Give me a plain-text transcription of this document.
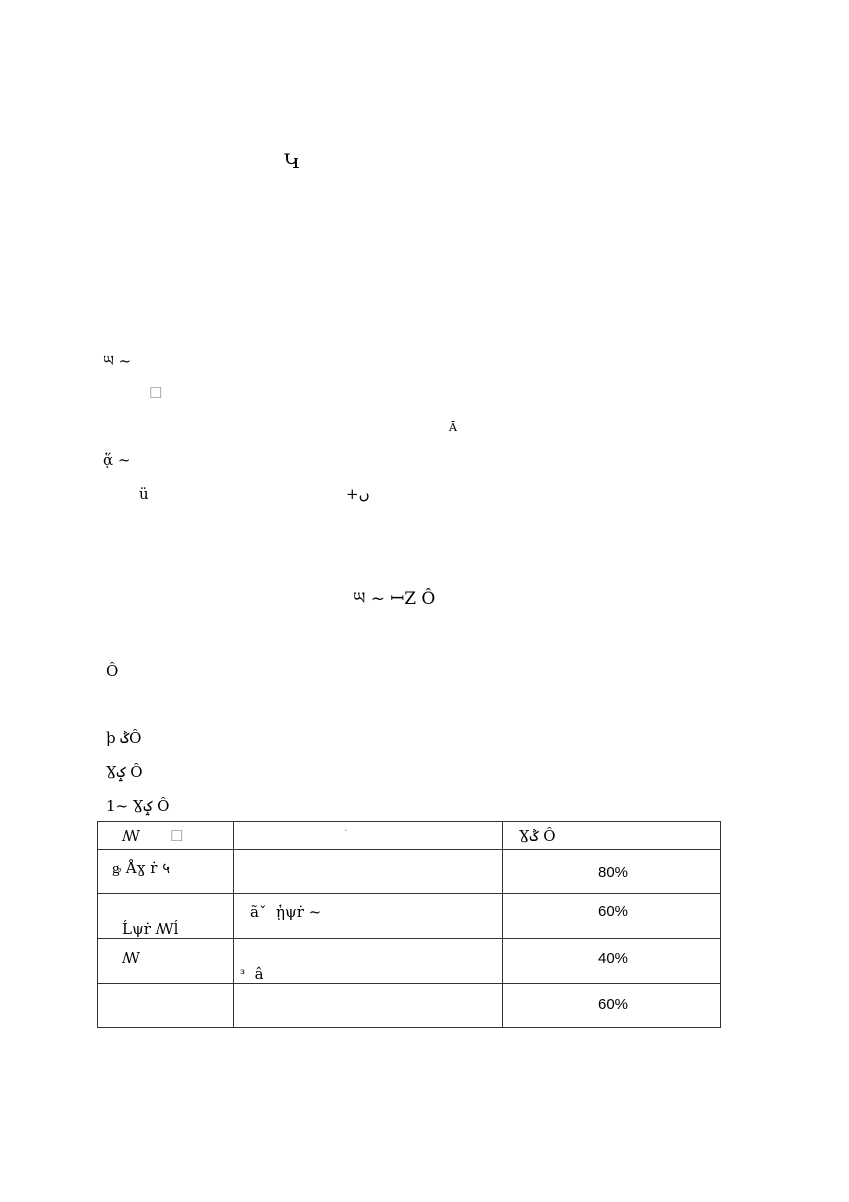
Կ
ཡ ~
☐
Ā
ᾅ ~
ü	+ں
ཡ ~ ꟷZ Ô
Ô
ϸ ݣÔ
Ɣݤ Ô
1~ Ɣݤ Ô
ꟿ ☐	·	Ɣݣ Ô

ᶃ Åɣ ṙ ५		80%

Ĺψṙ ꟿĺ	ãˇ  ᾑψṙ ~	60%

ꟿ	ᵌ  â	40%

		60%
